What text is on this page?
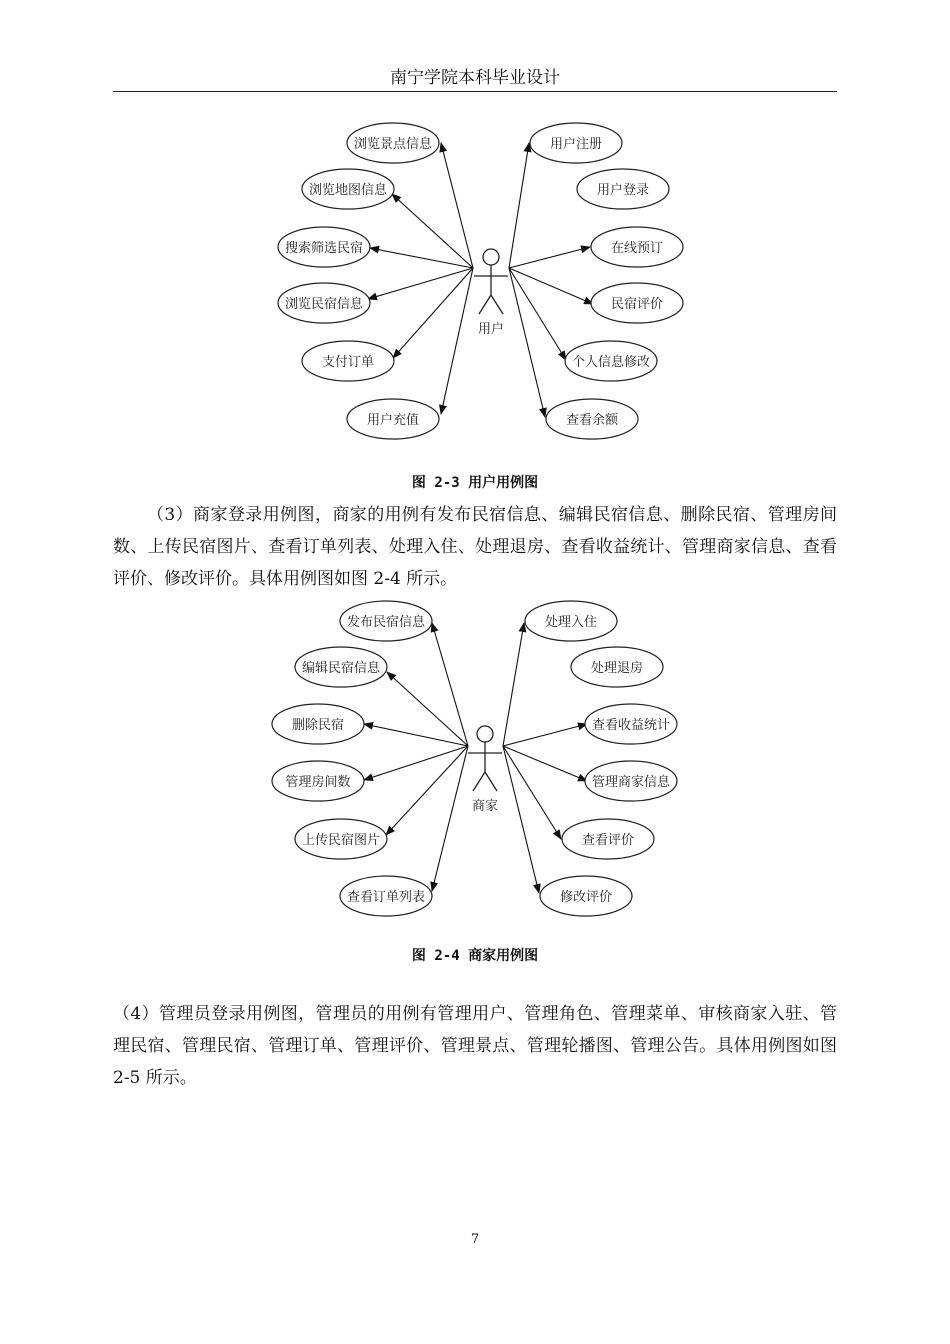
南宁学院本科毕业设计
用户
浏览景点信息
浏览地图信息
搜索筛选民宿
浏览民宿信息
支付订单
用户充值
用户注册
用户登录
在线预订
民宿评价
个人信息修改
查看余额
图 2-3 用户用例图

（3）商家登录用例图，商家的用例有发布民宿信息、编辑民宿信息、删除民宿、管理房间数、上传民宿图片、查看订单列表、处理入住、处理退房、查看收益统计、管理商家信息、查看评价、修改评价。具体用例图如图 2-4 所示。

商家
发布民宿信息
编辑民宿信息
删除民宿
管理房间数
上传民宿图片
查看订单列表
处理入住
处理退房
查看收益统计
管理商家信息
查看评价
修改评价
图 2-4 商家用例图

（4）管理员登录用例图，管理员的用例有管理用户、管理角色、管理菜单、审核商家入驻、管理民宿、管理民宿、管理订单、管理评价、管理景点、管理轮播图、管理公告。具体用例图如图 2-5 所示。

7
